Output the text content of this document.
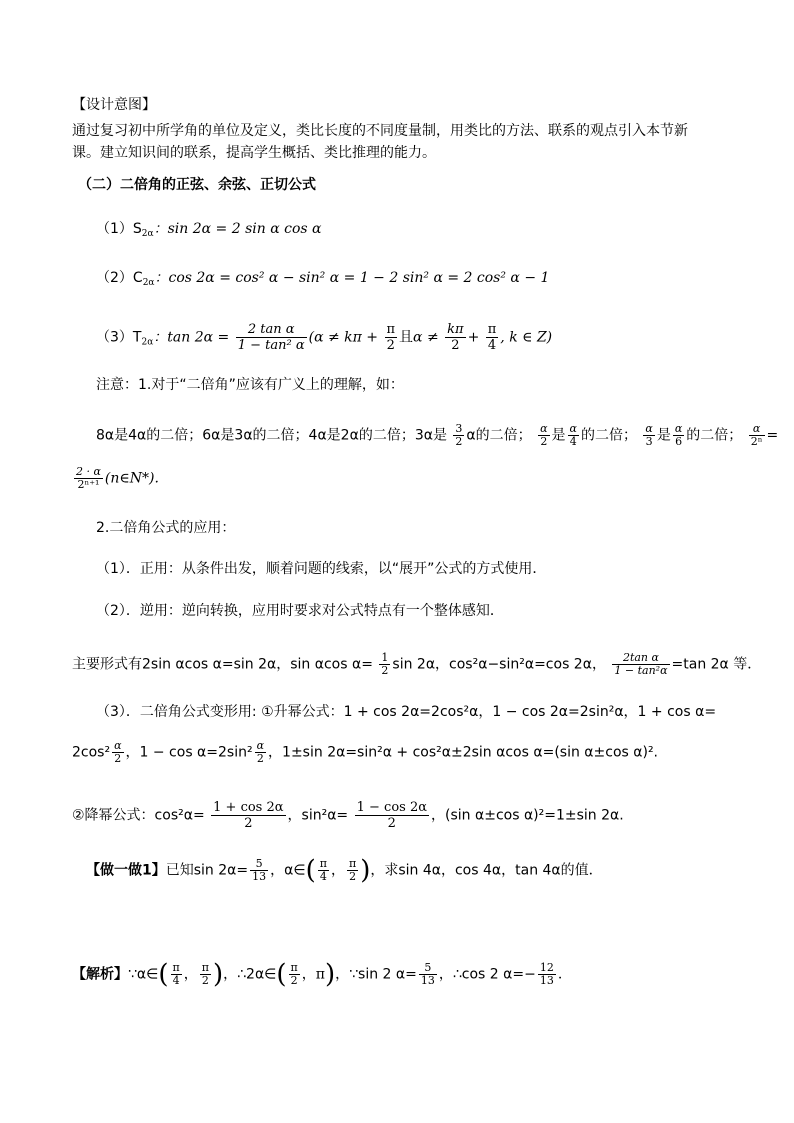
【设计意图】
通过复习初中所学角的单位及定义，类比长度的不同度量制，用类比的方法、联系的观点引入本节新
课。建立知识间的联系，提高学生概括、类比推理的能力。
（二）二倍角的正弦、余弦、正切公式
$(1)S_{2\alpha}$：sin 2α = 2 sin α cos α
$(2)C_{2\alpha}$：cos 2α = cos² α − sin² α = 1 − 2 sin² α = 2 cos² α − 1
$(3)T_{2\alpha}$：$\tan 2\alpha = \frac{\text{2 tan α}}{\text{1 − tan² α}} (\alpha \ne k\pi + \frac{\pi}{2}$ 且$\alpha \ne \frac{k\pi}{2} + \frac{\pi}{4}$ , k ∈ Z)
注意：1.对于“二倍角”应该有广义上的理解，如：
8α是4α的二倍；6α是3α的二倍；4α是2α的二倍；3α是 $\frac{3}{2}$ α的二倍； $\frac{\alpha}{2}$ 是 $\frac{\alpha}{4}$ 的二倍； $\frac{\alpha}{3}$ 是 $\frac{\alpha}{6}$ 的二倍； $\frac{\alpha}{\text{2ⁿ}}$ =
$\frac{2 \cdot \alpha}{\text{2ⁿ⁺¹}}$ (n∈N*).
2.二倍角公式的应用：
（1）．正用：从条件出发，顺着问题的线索，以“展开”公式的方式使用．
（2）．逆用：逆向转换，应用时要求对公式特点有一个整体感知．
主要形式有2sin αcos α=sin 2α，sin αcos $\alpha= \frac{1}{2}$ sin 2α，cos²α−sin²α=cos 2α， $\frac{\text{2tan α}}{\text{1 − tan²α}} =\tan$ 2α 等．
（3）．二倍角公式变形用: ①升幂公式：1 + cos 2α=2cos²α，1 − cos 2α=2sin²α，1 + cos α=
$2\cos^2 \frac{\alpha}{2}$ ，$1 - \cos \alpha=2\sin^2 \frac{\alpha}{2}$ ，1±sin 2α=sin²α + cos²α±2sin αcos α=(sin α±cos α)².
②降幂公式：$\cos^2\alpha= \frac{1 + \cos 2\alpha}{2}$ ，$\sin^2\alpha= \frac{1 - \cos 2\alpha}{2}$ ，(sin α±cos α)²=1±sin 2α.
【做一做1】已知$\sin 2\alpha= \frac{5}{13}$ ，α∈( $\frac{\pi}{4}$ ， $\frac{\pi}{2}$ )，求sin 4α，cos 4α，tan 4α的值．
【解析】∵α∈( $\frac{\pi}{4}$ ， $\frac{\pi}{2}$ )，∴2α∈( $\frac{\pi}{2}$ ，π)，∵sin 2 $\alpha= \frac{5}{13}$ ，∴cos 2 $\alpha=- \frac{12}{13}$ .
